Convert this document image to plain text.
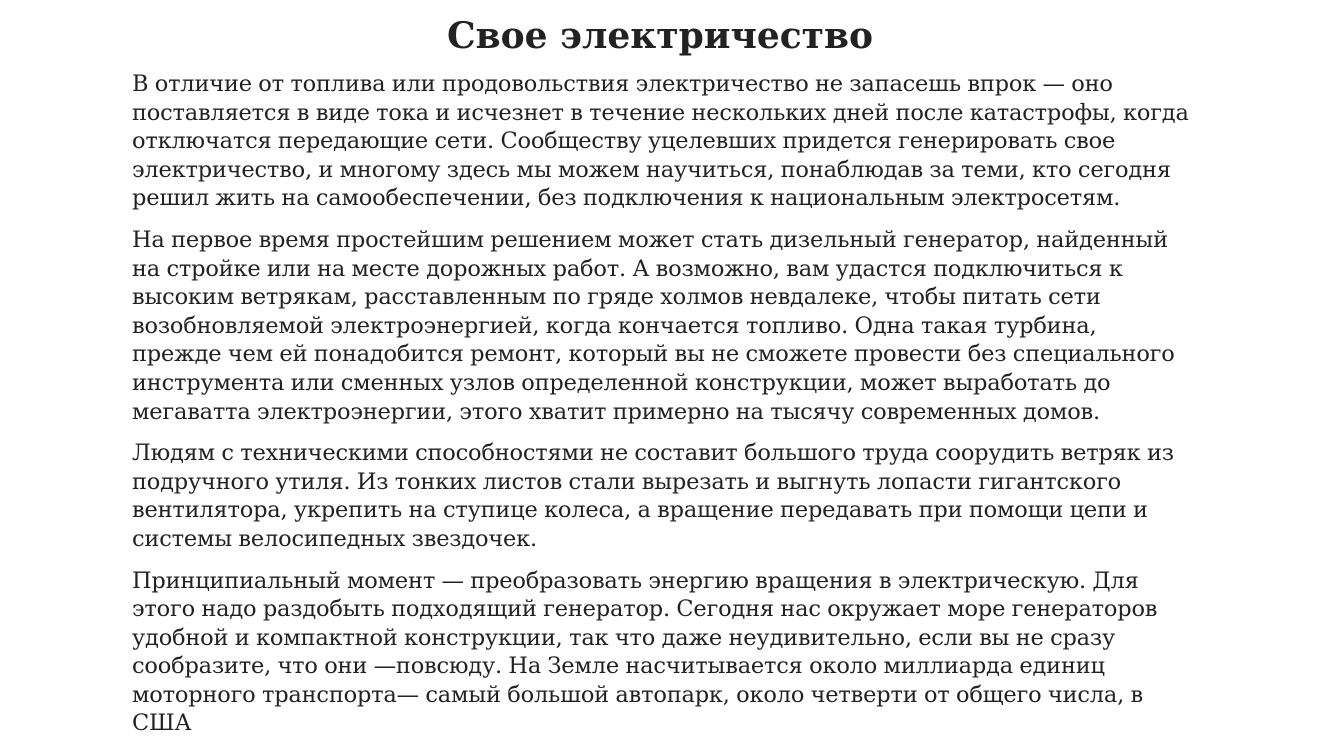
Свое электричество

В отличие от топлива или продовольствия электричество не запасешь впрок — оно
поставляется в виде тока и исчезнет в течение нескольких дней после катастрофы, когда
отключатся передающие сети. Сообществу уцелевших придется генерировать свое
электричество, и многому здесь мы можем научиться, понаблюдав за теми, кто сегодня
решил жить на самообеспечении, без подключения к национальным электросетям.

На первое время простейшим решением может стать дизельный генератор, найденный
на стройке или на месте дорожных работ. А возможно, вам удастся подключиться к
высоким ветрякам, расставленным по гряде холмов невдалеке, чтобы питать сети
возобновляемой электроэнергией, когда кончается топливо. Одна такая турбина,
прежде чем ей понадобится ремонт, который вы не сможете провести без специального
инструмента или сменных узлов определенной конструкции, может выработать до
мегаватта электроэнергии, этого хватит примерно на тысячу современных домов.

Людям с техническими способностями не составит большого труда соорудить ветряк из
подручного утиля. Из тонких листов стали вырезать и выгнуть лопасти гигантского
вентилятора, укрепить на ступице колеса, а вращение передавать при помощи цепи и
системы велосипедных звездочек.

Принципиальный момент — преобразовать энергию вращения в электрическую. Для
этого надо раздобыть подходящий генератор. Сегодня нас окружает море генераторов
удобной и компактной конструкции, так что даже неудивительно, если вы не сразу
сообразите, что они —повсюду. На Земле насчитывается около миллиарда единиц
моторного транспорта— самый большой автопарк, около четверти от общего числа, в
США
